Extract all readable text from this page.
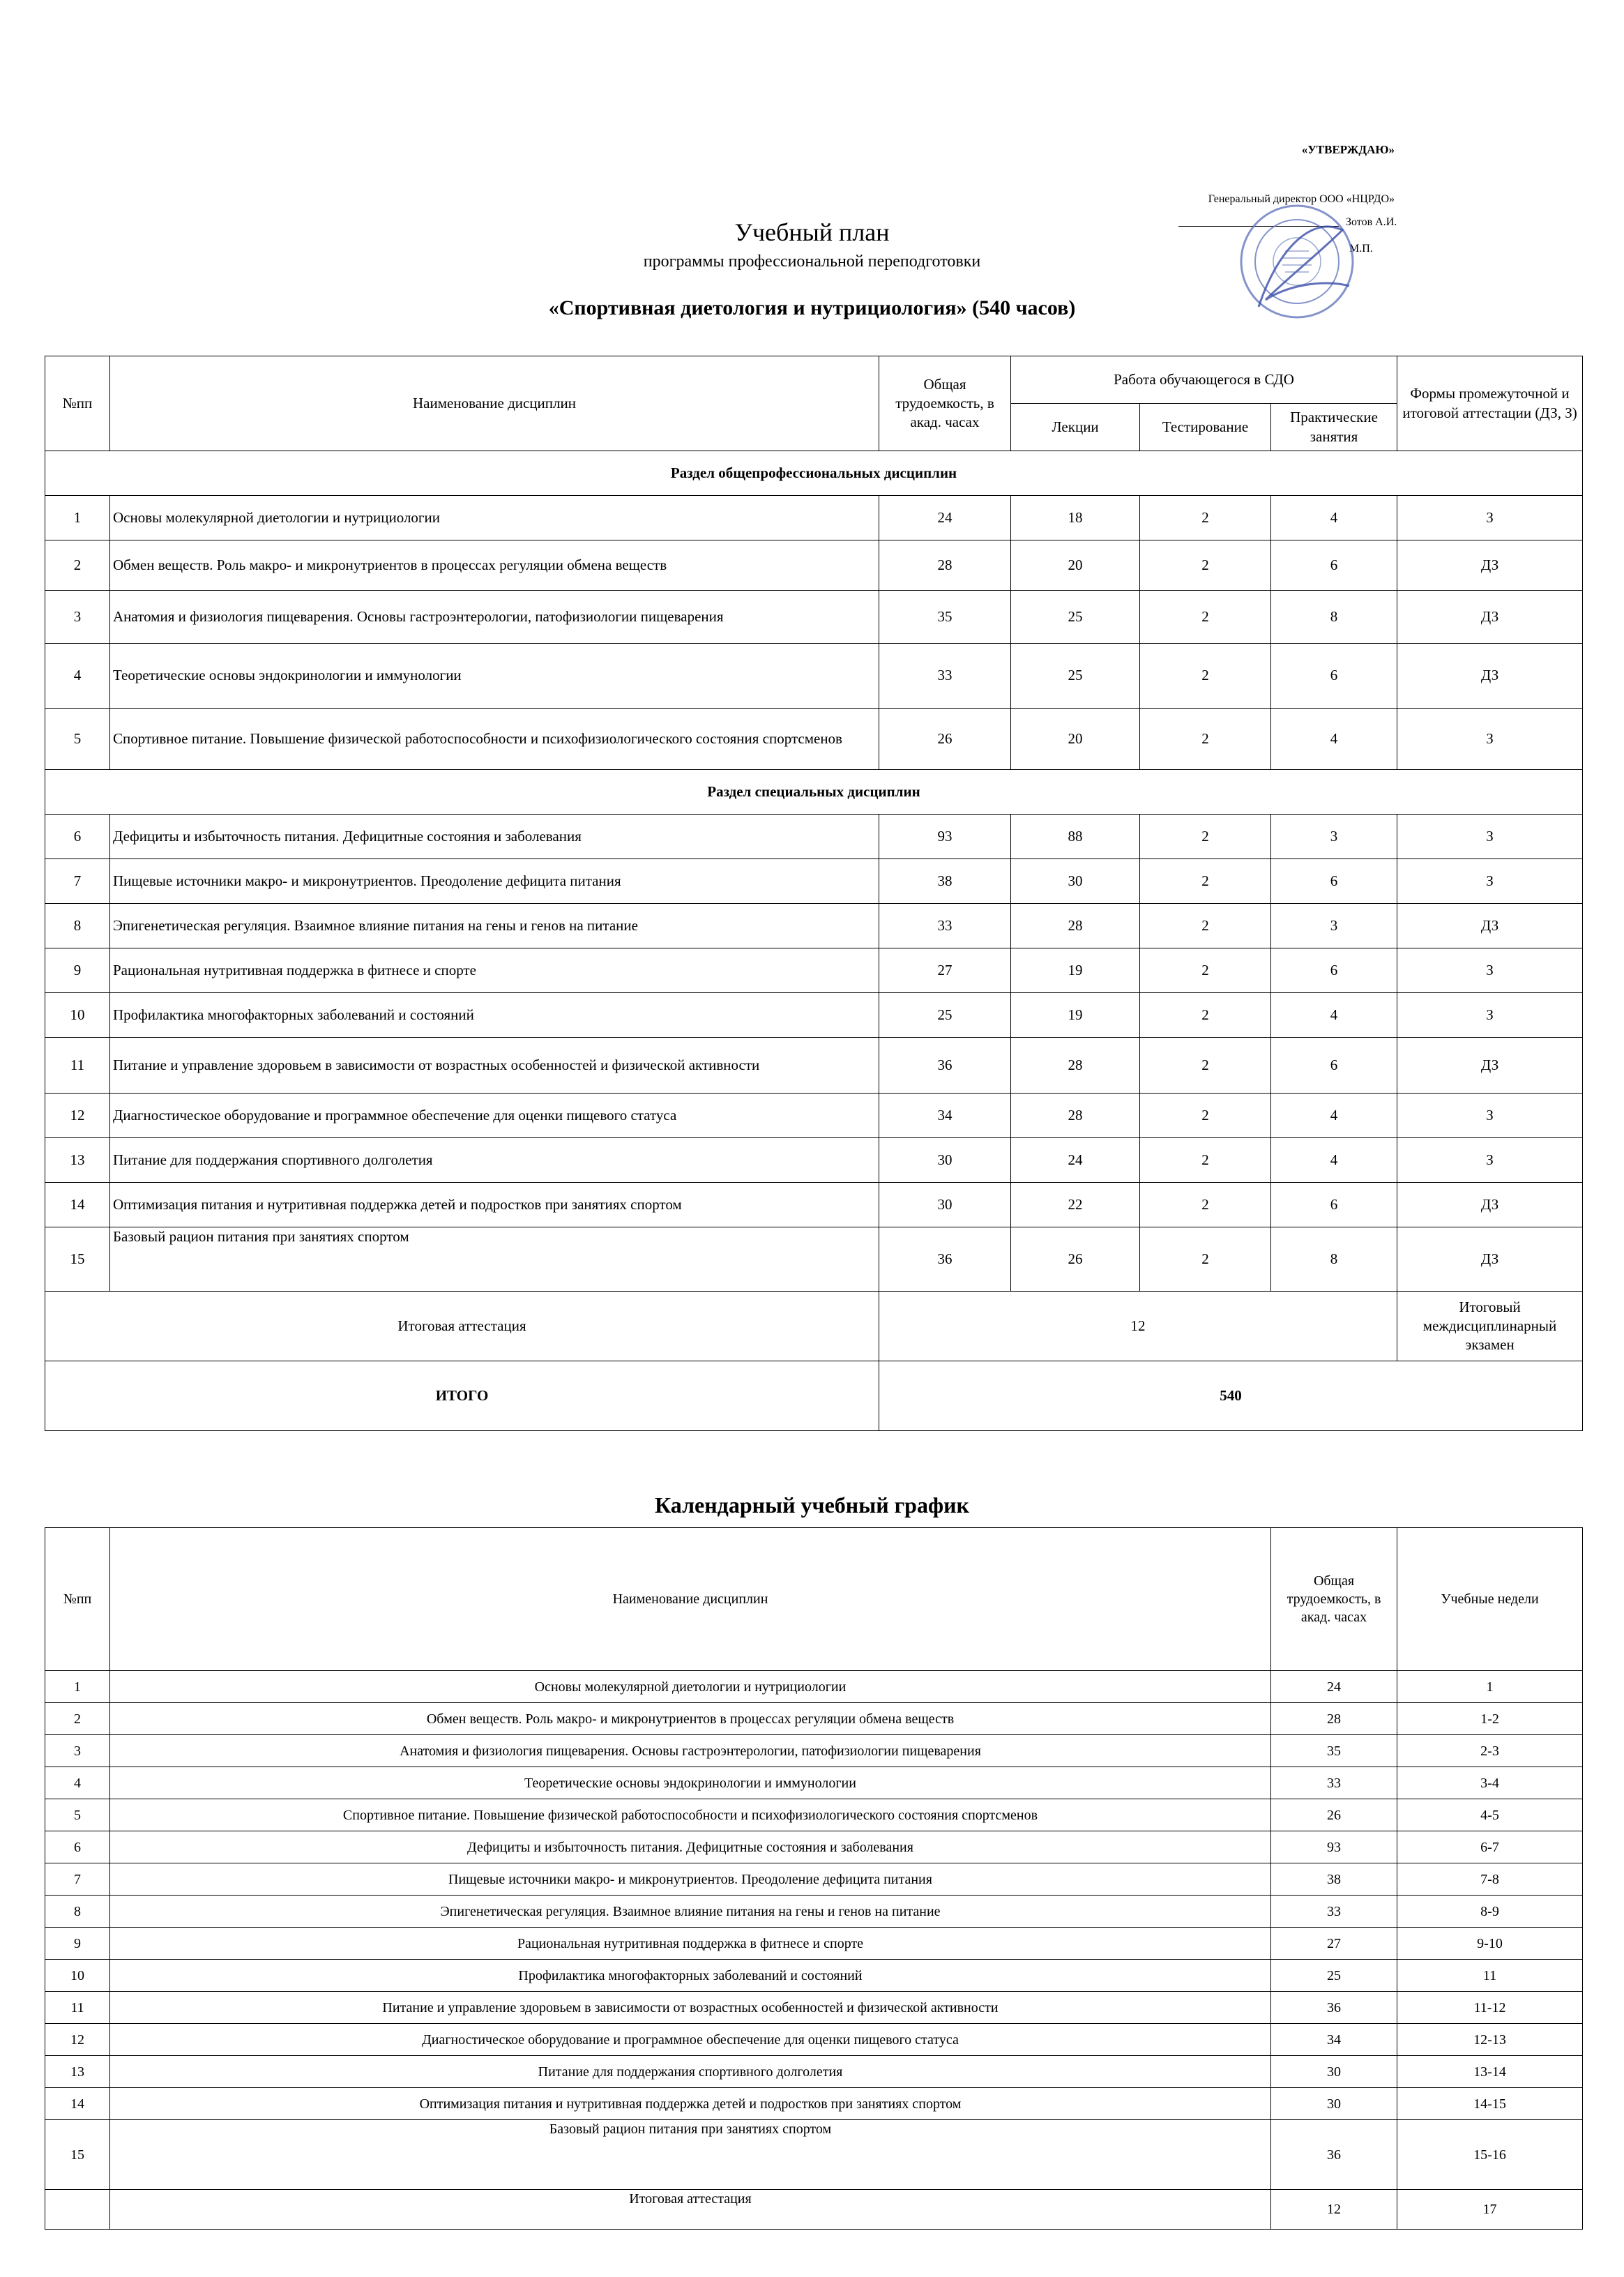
«УТВЕРЖДАЮ»
Генеральный директор ООО «НЦРДО»
Зотов А.И.
М.П.
Учебный план
программы профессиональной переподготовки
«Спортивная диетология и нутрициология» (540 часов)
№пп	Наименование дисциплин	Общая трудоемкость, в акад. часах	Работа обучающегося в СДО			Формы промежуточной и итоговой аттестации (ДЗ, З)
			Лекции	Тестирование	Практические занятия	
Раздел общепрофессиональных дисциплин						
1	Основы молекулярной диетологии и нутрициологии	24	18	2	4	З
2	Обмен веществ. Роль макро- и микронутриентов в процессах регуляции обмена веществ	28	20	2	6	ДЗ
3	Анатомия и физиология пищеварения. Основы гастроэнтерологии, патофизиологии пищеварения	35	25	2	8	ДЗ
4	Теоретические основы эндокринологии и иммунологии	33	25	2	6	ДЗ
5	Спортивное питание. Повышение физической работоспособности и психофизиологического состояния спортсменов	26	20	2	4	З
Раздел специальных дисциплин						
6	Дефициты и избыточность питания. Дефицитные состояния и заболевания	93	88	2	3	З
7	Пищевые источники макро- и микронутриентов. Преодоление дефицита питания	38	30	2	6	З
8	Эпигенетическая регуляция. Взаимное влияние питания на гены и генов на питание	33	28	2	3	ДЗ
9	Рациональная нутритивная поддержка в фитнесе и спорте	27	19	2	6	З
10	Профилактика многофакторных заболеваний и состояний	25	19	2	4	З
11	Питание и управление здоровьем в зависимости от возрастных особенностей и физической активности	36	28	2	6	ДЗ
12	Диагностическое оборудование и программное обеспечение для оценки пищевого статуса	34	28	2	4	З
13	Питание для поддержания спортивного долголетия	30	24	2	4	З
14	Оптимизация питания и нутритивная поддержка детей и подростков при занятиях спортом	30	22	2	6	ДЗ
15	Базовый рацион питания при занятиях спортом	36	26	2	8	ДЗ
Итоговая аттестация		12				Итоговый междисциплинарный экзамен
ИТОГО		540				
Календарный учебный график
№пп	Наименование дисциплин	Общая трудоемкость, в акад. часах	Учебные недели
1	Основы молекулярной диетологии и нутрициологии	24	1
2	Обмен веществ. Роль макро- и микронутриентов в процессах регуляции обмена веществ	28	1-2
3	Анатомия и физиология пищеварения. Основы гастроэнтерологии, патофизиологии пищеварения	35	2-3
4	Теоретические основы эндокринологии и иммунологии	33	3-4
5	Спортивное питание. Повышение физической работоспособности и психофизиологического состояния спортсменов	26	4-5
6	Дефициты и избыточность питания. Дефицитные состояния и заболевания	93	6-7
7	Пищевые источники макро- и микронутриентов. Преодоление дефицита питания	38	7-8
8	Эпигенетическая регуляция. Взаимное влияние питания на гены и генов на питание	33	8-9
9	Рациональная нутритивная поддержка в фитнесе и спорте	27	9-10
10	Профилактика многофакторных заболеваний и состояний	25	11
11	Питание и управление здоровьем в зависимости от возрастных особенностей и физической активности	36	11-12
12	Диагностическое оборудование и программное обеспечение для оценки пищевого статуса	34	12-13
13	Питание для поддержания спортивного долголетия	30	13-14
14	Оптимизация питания и нутритивная поддержка детей и подростков при занятиях спортом	30	14-15
15	Базовый рацион питания при занятиях спортом	36	15-16
	Итоговая аттестация	12	17
